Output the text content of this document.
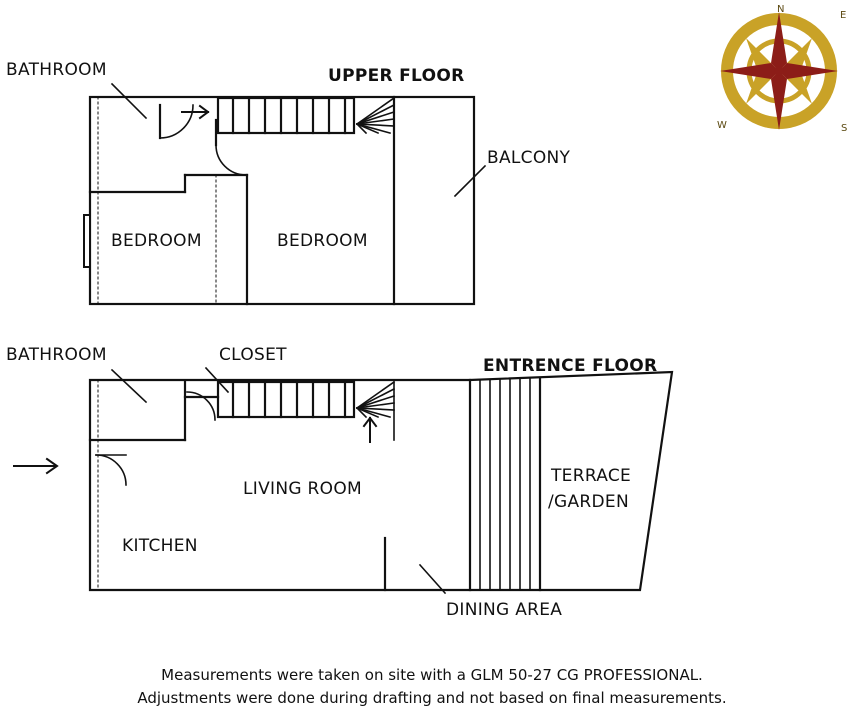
N
E
S
W
BATHROOM	UPPER FLOOR
BALCONY
BEDROOM	BEDROOM
BATHROOM	CLOSET
ENTRENCE FLOOR
TERRACE
/GARDEN
LIVING ROOM
KITCHEN
DINING AREA
Measurements were taken on site with a GLM 50-27 CG PROFESSIONAL.
Adjustments were done during drafting and not based on final measurements.
